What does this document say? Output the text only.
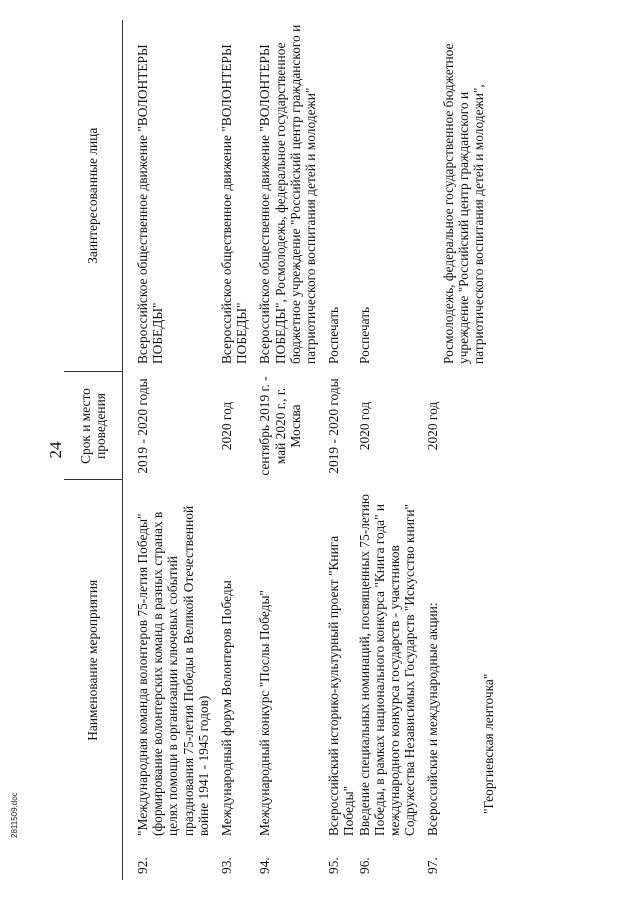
24
	Наименование мероприятия	Срок и место проведения	Заинтересованные лица
92.	"Международная команда волонтеров 75-летия Победы" (формирование волонтерских команд в разных странах в целях помощи в организации ключевых событий празднования 75-летия Победы в Великой Отечественной войне 1941 - 1945 годов)	2019 - 2020 годы	Всероссийское общественное движение "ВОЛОНТЕРЫ ПОБЕДЫ"
93.	Международный форум Волонтеров Победы	2020 год	Всероссийское общественное движение "ВОЛОНТЕРЫ ПОБЕДЫ"
94.	Международный конкурс "Послы Победы"	сентябрь 2019 г. - май 2020 г., г. Москва	Всероссийское общественное движение "ВОЛОНТЕРЫ ПОБЕДЫ", Росмолодежь, федеральное государственное бюджетное учреждение "Российский центр гражданского и патриотического воспитания детей и молодежи"
95.	Всероссийский историко-культурный проект "Книга Победы"	2019 - 2020 годы	Роспечать
96.	Введение специальных номинаций, посвященных 75-летию Победы, в рамках национального конкурса "Книга года" и международного конкурса государств - участников Содружества Независимых Государств "Искусство книги"	2020 год	Роспечать
97.	Всероссийские и международные акции:	2020 год	
	"Георгиевская ленточка"		Росмолодежь, федеральное государственное бюджетное учреждение "Российский центр гражданского и патриотического воспитания детей и молодежи",
2811509.doc
